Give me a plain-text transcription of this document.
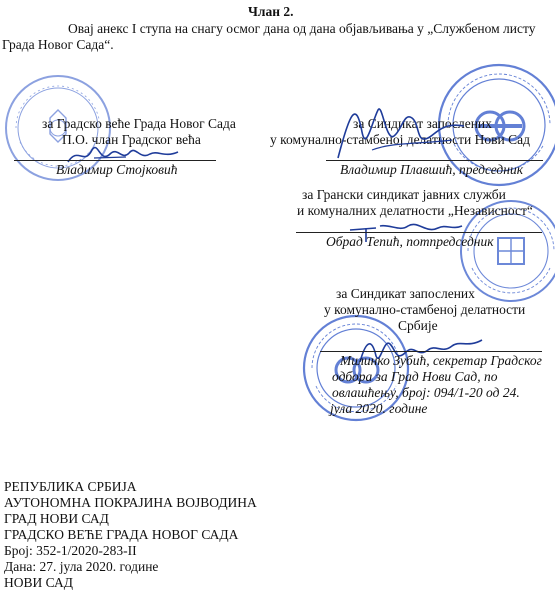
Члан 2.
Овај анекс I ступа на снагу осмог дана од дана објављивања у „Службеном листу
Града Новог Сада“.
за Градско веће Града Новог Сада
П.О. члан Градског већа
Владимир Стојковић
за Синдикат запослених
у комунално-стамбеној делатности Нови Сад
Владимир Плавшић, председник
за Грански синдикат јавних служби
и комуналних делатности „Независност“
Обрад Тепић, потпредседник
за Синдикат запослених
у комунално-стамбеној делатности
Србије
Милинко Зубић, секретар Градског
одбора за Град Нови Сад, по
овлашћењу, број: 094/1-20 од 24.
јула 2020. године
РЕПУБЛИКА СРБИЈА
АУТОНОМНА ПОКРАЈИНА ВОЈВОДИНА
ГРАД НОВИ САД
ГРАДСКО ВЕЋЕ ГРАДА НОВОГ САДА
Број: 352-1/2020-283-II
Дана: 27. јула 2020. године
НОВИ САД
